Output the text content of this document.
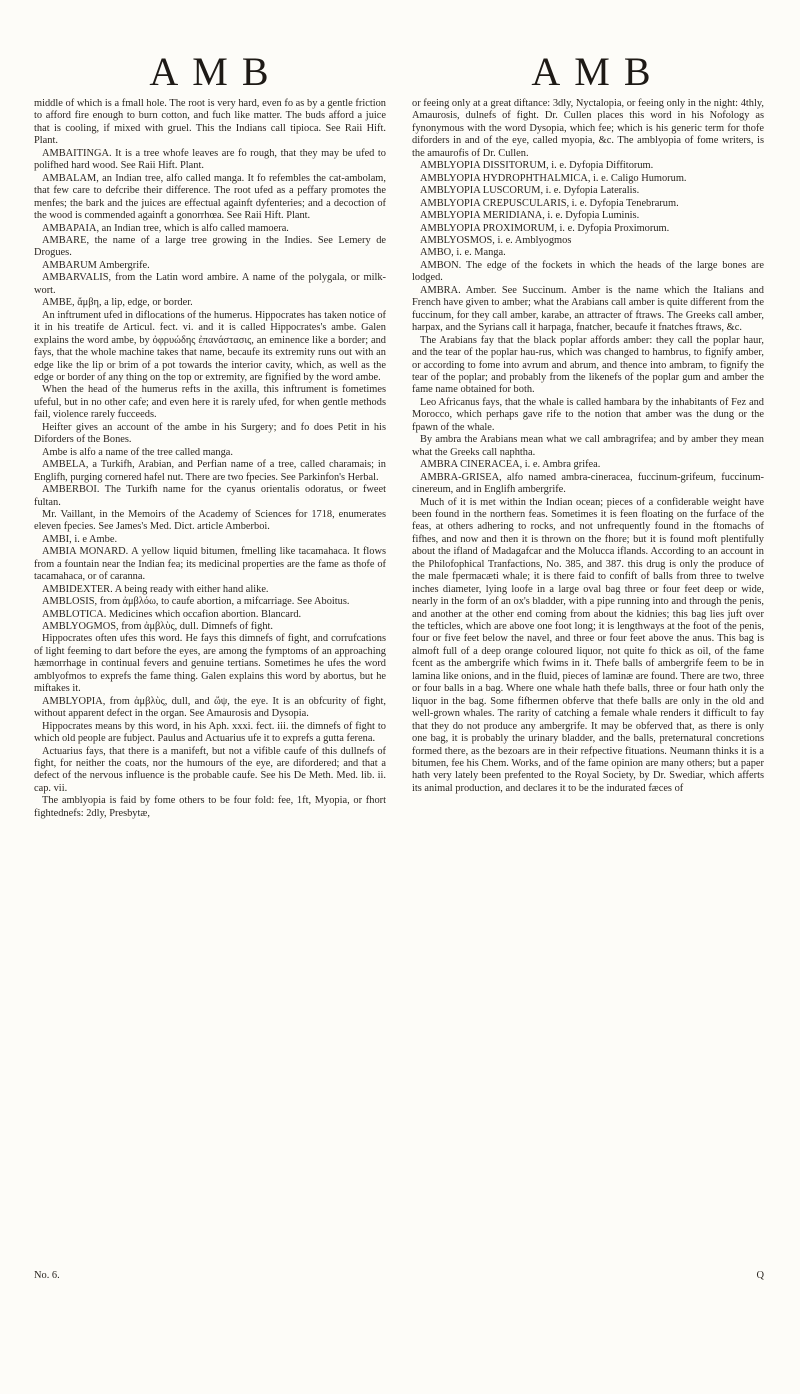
AMB	AMB

middle of which is a fmall hole. The root is very hard, even fo as by a gentle friction to afford fire enough to burn cotton, and fuch like matter. The buds afford a juice that is cooling, if mixed with gruel. This the Indians call tipioca. See Raii Hift. Plant.

AMBAITINGA. It is a tree whofe leaves are fo rough, that they may be ufed to polifhed hard wood. See Raii Hift. Plant.

AMBALAM, an Indian tree, alfo called manga. It fo refembles the cat-ambolam, that few care to defcribe their difference. The root ufed as a peffary promotes the menfes; the bark and the juices are effectual againft dyfenteries; and a decoction of the wood is commended againft a gonorrhœa. See Raii Hift. Plant.

AMBAPAIA, an Indian tree, which is alfo called mamoera.

AMBARE, the name of a large tree growing in the Indies. See Lemery de Drogues.

AMBARUM Ambergrife.

AMBARVALIS, from the Latin word ambire. A name of the polygala, or milk-wort.

AMBE, ἄμβη, a lip, edge, or border.

An inftrument ufed in diflocations of the humerus. Hippocrates has taken notice of it in his treatife de Articul. fect. vi. and it is called Hippocrates's ambe. Galen explains the word ambe, by ὀφρυώδης ἐπανάστασις, an eminence like a border; and fays, that the whole machine takes that name, becaufe its extremity runs out with an edge like the lip or brim of a pot towards the interior cavity, which, as well as the edge or border of any thing on the top or extremity, are fignified by the word ambe.

When the head of the humerus refts in the axilla, this inftrument is fometimes ufeful, but in no other cafe; and even here it is rarely ufed, for when gentle methods fail, violence rarely fucceeds.

Heifter gives an account of the ambe in his Surgery; and fo does Petit in his Diforders of the Bones.

Ambe is alfo a name of the tree called manga.

AMBELA, a Turkifh, Arabian, and Perfian name of a tree, called charamais; in Englifh, purging cornered hafel nut. There are two fpecies. See Parkinfon's Herbal.

AMBERBOI. The Turkifh name for the cyanus orientalis odoratus, or fweet fultan.

Mr. Vaillant, in the Memoirs of the Academy of Sciences for 1718, enumerates eleven fpecies. See James's Med. Dict. article Amberboi.

AMBI, i. e Ambe.

AMBIA MONARD. A yellow liquid bitumen, fmelling like tacamahaca. It flows from a fountain near the Indian fea; its medicinal properties are the fame as thofe of tacamahaca, or of caranna.

AMBIDEXTER. A being ready with either hand alike.

AMBLOSIS, from ἀμβλόω, to caufe abortion, a mifcarriage. See Aboitus.

AMBLOTICA. Medicines which occafion abortion. Blancard.

AMBLYOGMOS, from ἀμβλὺς, dull. Dimnefs of fight.

Hippocrates often ufes this word. He fays this dimnefs of fight, and corrufcations of light feeming to dart before the eyes, are among the fymptoms of an approaching hæmorrhage in continual fevers and genuine tertians. Sometimes he ufes the word amblyofmos to exprefs the fame thing. Galen explains this word by abortus, but he miftakes it.

AMBLYOPIA, from ἀμβλὺς, dull, and ὤψ, the eye. It is an obfcurity of fight, without apparent defect in the organ. See Amaurosis and Dysopia.

Hippocrates means by this word, in his Aph. xxxi. fect. iii. the dimnefs of fight to which old people are fubject. Paulus and Actuarius ufe it to exprefs a gutta ferena.

Actuarius fays, that there is a manifeft, but not a vifible caufe of this dullnefs of fight, for neither the coats, nor the humours of the eye, are difordered; and that a defect of the nervous influence is the probable caufe. See his De Meth. Med. lib. ii. cap. vii.

The amblyopia is faid by fome others to be four fold: fee, 1ft, Myopia, or fhort fightednefs: 2dly, Presbytæ,

or feeing only at a great diftance: 3dly, Nyctalopia, or feeing only in the night: 4thly, Amaurosis, dulnefs of fight. Dr. Cullen places this word in his Nofology as fynonymous with the word Dysopia, which fee; which is his generic term for thofe diforders in and of the eye, called myopia, &c. The amblyopia of fome writers, is the amaurofis of Dr. Cullen.

AMBLYOPIA DISSITORUM, i. e. Dyfopia Diffitorum.

AMBLYOPIA HYDROPHTHALMICA, i. e. Caligo Humorum.

AMBLYOPIA LUSCORUM, i. e. Dyfopia Lateralis.

AMBLYOPIA CREPUSCULARIS, i. e. Dyfopia Tenebrarum.

AMBLYOPIA MERIDIANA, i. e. Dyfopia Luminis.

AMBLYOPIA PROXIMORUM, i. e. Dyfopia Proximorum.

AMBLYOSMOS, i. e. Amblyogmos

AMBO, i. e. Manga.

AMBON. The edge of the fockets in which the heads of the large bones are lodged.

AMBRA. Amber. See Succinum. Amber is the name which the Italians and French have given to amber; what the Arabians call amber is quite different from the fuccinum, for they call amber, karabe, an attracter of ftraws. The Greeks call amber, harpax, and the Syrians call it harpaga, fnatcher, becaufe it fnatches ftraws, &c.

The Arabians fay that the black poplar affords amber: they call the poplar haur, and the tear of the poplar hau-rus, which was changed to hambrus, to fignify amber, or according to fome into avrum and abrum, and thence into ambram, to fignify the tear of the poplar; and probably from the likenefs of the poplar gum and amber the fame name obtained for both.

Leo Africanus fays, that the whale is called hambara by the inhabitants of Fez and Morocco, which perhaps gave rife to the notion that amber was the dung or the fpawn of the whale.

By ambra the Arabians mean what we call ambragrifea; and by amber they mean what the Greeks call naphtha.

AMBRA CINERACEA, i. e. Ambra grifea.

AMBRA-GRISEA, alfo named ambra-cineracea, fuccinum-grifeum, fuccinum-cinereum, and in Englifh ambergrife.

Much of it is met within the Indian ocean; pieces of a confiderable weight have been found in the northern feas. Sometimes it is feen floating on the furface of the feas, at others adhering to rocks, and not unfrequently found in the ftomachs of fifhes, and now and then it is thrown on the fhore; but it is found moft plentifully about the ifland of Madagafcar and the Molucca iflands. According to an account in the Philofophical Tranfactions, No. 385, and 387. this drug is only the produce of the male fpermacæti whale; it is there faid to confift of balls from three to twelve inches diameter, lying loofe in a large oval bag three or four feet deep or wide, nearly in the form of an ox's bladder, with a pipe running into and through the penis, and another at the other end coming from about the kidnies; this bag lies juft over the tefticles, which are above one foot long; it is lengthways at the foot of the penis, four or five feet below the navel, and three or four feet above the anus. This bag is almoft full of a deep orange coloured liquor, not quite fo thick as oil, of the fame fcent as the ambergrife which fwims in it. Thefe balls of ambergrife feem to be in lamina like onions, and in the fluid, pieces of laminæ are found. There are two, three or four balls in a bag. Where one whale hath thefe balls, three or four hath only the liquor in the bag. Some fifhermen obferve that thefe balls are only in the old and well-grown whales. The rarity of catching a female whale renders it difficult to fay that they do not produce any ambergrife. It may be obferved that, as there is only one bag, it is probably the urinary bladder, and the balls, preternatural concretions formed there, as the bezoars are in their refpective fituations. Neumann thinks it is a bitumen, fee his Chem. Works, and of the fame opinion are many others; but a paper hath very lately been prefented to the Royal Society, by Dr. Swediar, which afferts its animal production, and declares it to be the indurated fæces of

No. 6.	Q
